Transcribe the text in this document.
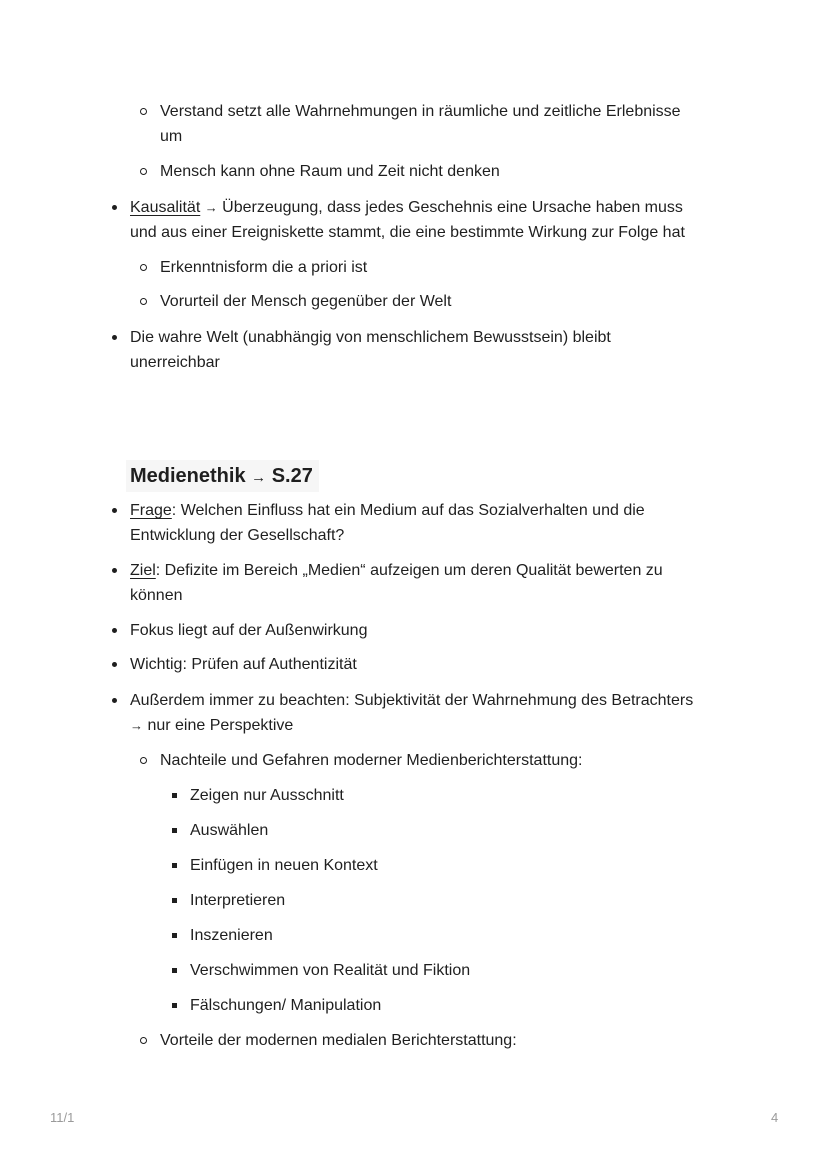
Verstand setzt alle Wahrnehmungen in räumliche und zeitliche Erlebnisse
um
Mensch kann ohne Raum und Zeit nicht denken
Kausalität → Überzeugung, dass jedes Geschehnis eine Ursache haben muss
und aus einer Ereigniskette stammt, die eine bestimmte Wirkung zur Folge hat
Erkenntnisform die a priori ist
Vorurteil der Mensch gegenüber der Welt
Die wahre Welt (unabhängig von menschlichem Bewusstsein) bleibt
unerreichbar
Medienethik → S.27
Frage: Welchen Einfluss hat ein Medium auf das Sozialverhalten und die
Entwicklung der Gesellschaft?
Ziel: Defizite im Bereich „Medien“ aufzeigen um deren Qualität bewerten zu
können
Fokus liegt auf der Außenwirkung
Wichtig: Prüfen auf Authentizität
Außerdem immer zu beachten: Subjektivität der Wahrnehmung des Betrachters
→ nur eine Perspektive
Nachteile und Gefahren moderner Medienberichterstattung:
Zeigen nur Ausschnitt
Auswählen
Einfügen in neuen Kontext
Interpretieren
Inszenieren
Verschwimmen von Realität und Fiktion
Fälschungen/ Manipulation
Vorteile der modernen medialen Berichterstattung:
11/1	4
